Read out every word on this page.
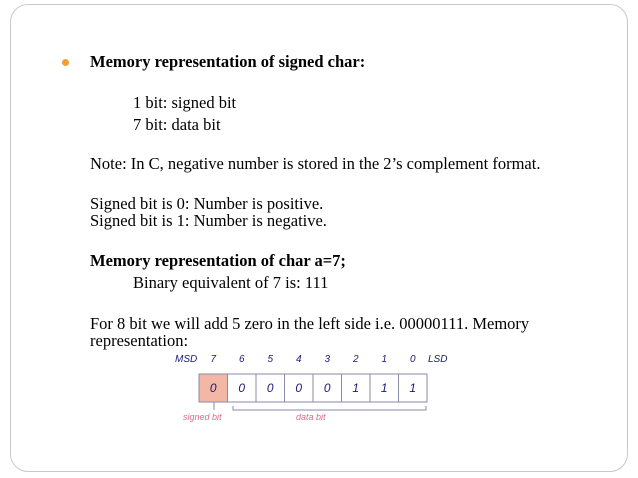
Memory representation of signed char:
1 bit: signed bit
7 bit: data bit
Note: In C, negative number is stored in the 2’s complement format.
Signed bit is 0: Number is positive.
Signed bit is 1: Number is negative.
Memory representation of char a=7;
Binary equivalent of 7 is: 111
For 8 bit we will add 5 zero in the left side i.e. 00000111. Memory
representation:
MSD	LSD
7 6 5 4 3 2 1 0
0 0 0 0 0 1 1 1
signed bit	data bit
